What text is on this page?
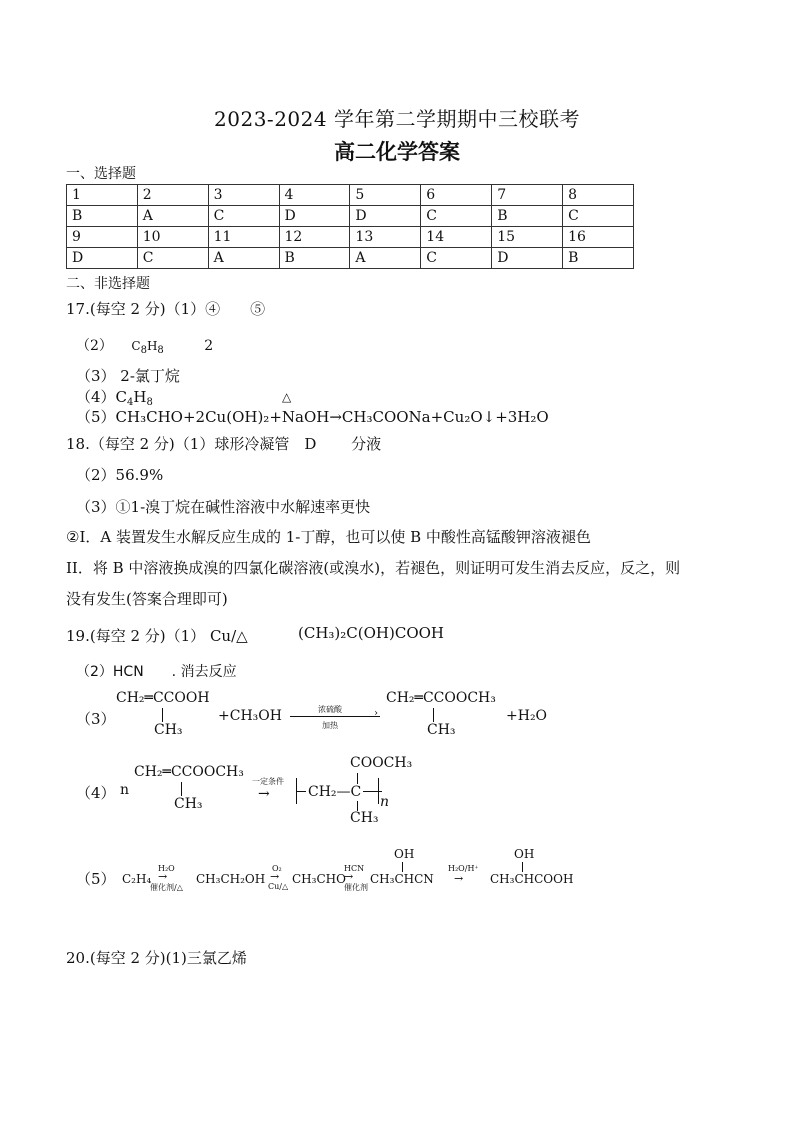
2023-2024 学年第二学期期中三校联考
高二化学答案
一、选择题
1	2	3	4	5	6	7	8
B	A	C	D	D	C	B	C
9	10	11	12	13	14	15	16
D	C	A	B	A	C	D	B
二、非选择题
17.(每空 2 分)（1）④　　⑤
（2） $C_8H_8$	2
（3） 2-氯丁烷
$(4)C_4H_8$	△
（5）CH₃CHO+2Cu(OH)₂+NaOH→CH₃COONa+Cu₂O↓+3H₂O
18.（每空 2 分)（1）球形冷凝管　D　　 分液
（2）56.9%
（3）①1-溴丁烷在碱性溶液中水解速率更快
②I．A 装置发生水解反应生成的 1-丁醇，也可以使 B 中酸性高锰酸钾溶液褪色
II．将 B 中溶液换成溴的四氯化碳溶液(或溴水)，若褪色，则证明可发生消去反应，反之，则
没有发生(答案合理即可)
19.(每空 2 分)（1） Cu/△	(CH₃)₂C(OH)COOH
（2）HCN　　. 消去反应
（3）
CH₂═CCOOH
CH₃
+CH₃OH	浓硫酸	›
加热
CH₂═CCOOCH₃
CH₃
+H₂O
（4） n
CH₂═CCOOCH₃
CH₃
一定条件
→
COOCH₃
CH₂—C
CH₃
n
（5） C₂H₄
H₂O
→
催化剂/△
CH₃CH₂OH
O₂
→
Cu/△
CH₃CHO
HCN
→
催化剂
OH
CH₃CHCN
H₂O/H⁺
→
OH
CH₃CHCOOH
20.(每空 2 分)(1)三氯乙烯
